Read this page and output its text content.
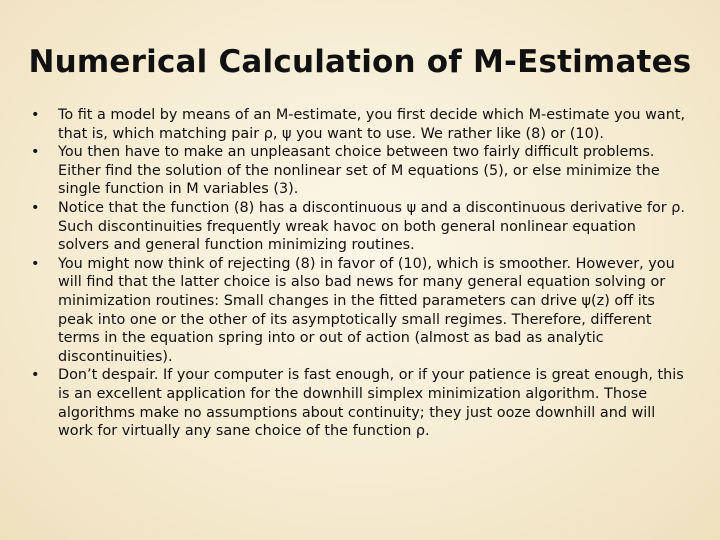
Numerical Calculation of M-Estimates
• To fit a model by means of an M-estimate, you first decide which M-estimate you want, that is, which matching pair ρ, ψ you want to use. We rather like (8) or (10).
• You then have to make an unpleasant choice between two fairly difficult problems. Either find the solution of the nonlinear set of M equations (5), or else minimize the single function in M variables (3).
• Notice that the function (8) has a discontinuous ψ and a discontinuous derivative for ρ. Such discontinuities frequently wreak havoc on both general nonlinear equation solvers and general function minimizing routines.
• You might now think of rejecting (8) in favor of (10), which is smoother. However, you will find that the latter choice is also bad news for many general equation solving or minimization routines: Small changes in the fitted parameters can drive ψ(z) off its peak into one or the other of its asymptotically small regimes. Therefore, different terms in the equation spring into or out of action (almost as bad as analytic discontinuities).
• Don’t despair. If your computer is fast enough, or if your patience is great enough, this is an excellent application for the downhill simplex minimization algorithm. Those algorithms make no assumptions about continuity; they just ooze downhill and will work for virtually any sane choice of the function ρ.
